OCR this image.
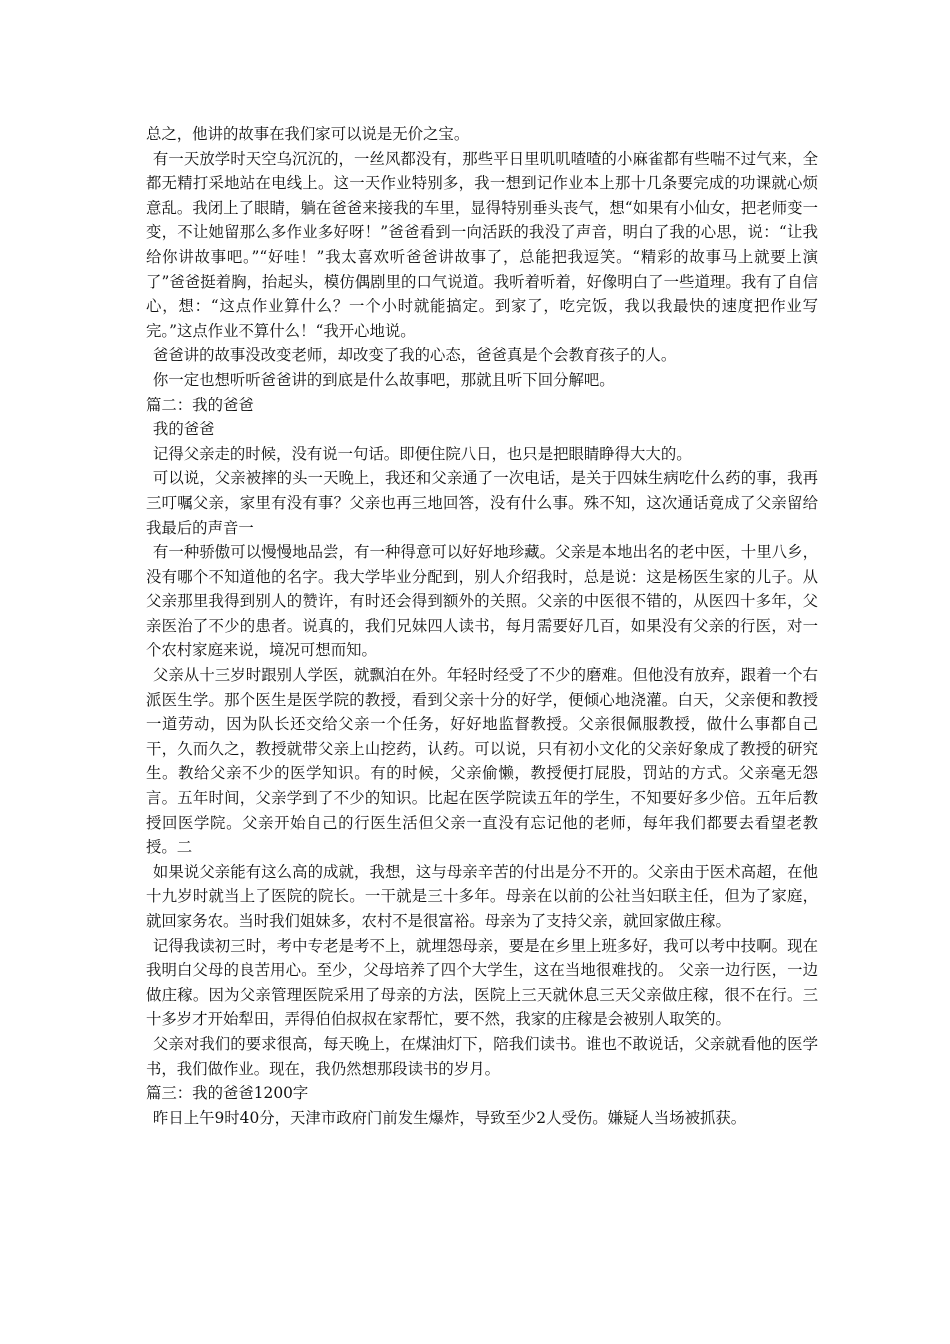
总之，他讲的故事在我们家可以说是无价之宝。

有一天放学时天空乌沉沉的，一丝风都没有，那些平日里叽叽喳喳的小麻雀都有些喘不过气来，全都无精打采地站在电线上。这一天作业特别多，我一想到记作业本上那十几条要完成的功课就心烦意乱。我闭上了眼睛，躺在爸爸来接我的车里，显得特别垂头丧气，想“如果有小仙女，把老师变一变，不让她留那么多作业多好呀！”爸爸看到一向活跃的我没了声音，明白了我的心思，说：“让我给你讲故事吧。”“好哇！”我太喜欢听爸爸讲故事了，总能把我逗笑。“精彩的故事马上就要上演了”爸爸挺着胸，抬起头，模仿偶剧里的口气说道。我听着听着，好像明白了一些道理。我有了自信心，想：“这点作业算什么？一个小时就能搞定。到家了，吃完饭，我以我最快的速度把作业写完。”这点作业不算什么！“我开心地说。

爸爸讲的故事没改变老师，却改变了我的心态，爸爸真是个会教育孩子的人。

你一定也想听听爸爸讲的到底是什么故事吧，那就且听下回分解吧。

篇二：我的爸爸

我的爸爸

记得父亲走的时候，没有说一句话。即便住院八日，也只是把眼睛睁得大大的。

可以说，父亲被摔的头一天晚上，我还和父亲通了一次电话，是关于四妹生病吃什么药的事，我再三叮嘱父亲，家里有没有事？父亲也再三地回答，没有什么事。殊不知，这次通话竟成了父亲留给我最后的声音一

有一种骄傲可以慢慢地品尝，有一种得意可以好好地珍藏。父亲是本地出名的老中医，十里八乡，没有哪个不知道他的名字。我大学毕业分配到，别人介绍我时，总是说：这是杨医生家的儿子。从父亲那里我得到别人的赞许，有时还会得到额外的关照。父亲的中医很不错的，从医四十多年，父亲医治了不少的患者。说真的，我们兄妹四人读书，每月需要好几百，如果没有父亲的行医，对一个农村家庭来说，境况可想而知。

父亲从十三岁时跟别人学医，就飘泊在外。年轻时经受了不少的磨难。但他没有放弃，跟着一个右派医生学。那个医生是医学院的教授，看到父亲十分的好学，便倾心地浇灌。白天，父亲便和教授一道劳动，因为队长还交给父亲一个任务，好好地监督教授。父亲很佩服教授，做什么事都自己干，久而久之，教授就带父亲上山挖药，认药。可以说，只有初小文化的父亲好象成了教授的研究生。教给父亲不少的医学知识。有的时候，父亲偷懒，教授便打屁股，罚站的方式。父亲毫无怨言。五年时间，父亲学到了不少的知识。比起在医学院读五年的学生，不知要好多少倍。五年后教授回医学院。父亲开始自己的行医生活但父亲一直没有忘记他的老师，每年我们都要去看望老教授。二

如果说父亲能有这么高的成就，我想，这与母亲辛苦的付出是分不开的。父亲由于医术高超，在他十九岁时就当上了医院的院长。一干就是三十多年。母亲在以前的公社当妇联主任，但为了家庭，就回家务农。当时我们姐妹多，农村不是很富裕。母亲为了支持父亲，就回家做庄稼。

记得我读初三时，考中专老是考不上，就埋怨母亲，要是在乡里上班多好，我可以考中技啊。现在我明白父母的良苦用心。至少，父母培养了四个大学生，这在当地很难找的。 父亲一边行医，一边做庄稼。因为父亲管理医院采用了母亲的方法，医院上三天就休息三天父亲做庄稼，很不在行。三十多岁才开始犁田，弄得伯伯叔叔在家帮忙，要不然，我家的庄稼是会被别人取笑的。

父亲对我们的要求很高，每天晚上，在煤油灯下，陪我们读书。谁也不敢说话，父亲就看他的医学书，我们做作业。现在，我仍然想那段读书的岁月。

篇三：我的爸爸1200字

昨日上午9时40分，天津市政府门前发生爆炸，导致至少2人受伤。嫌疑人当场被抓获。
